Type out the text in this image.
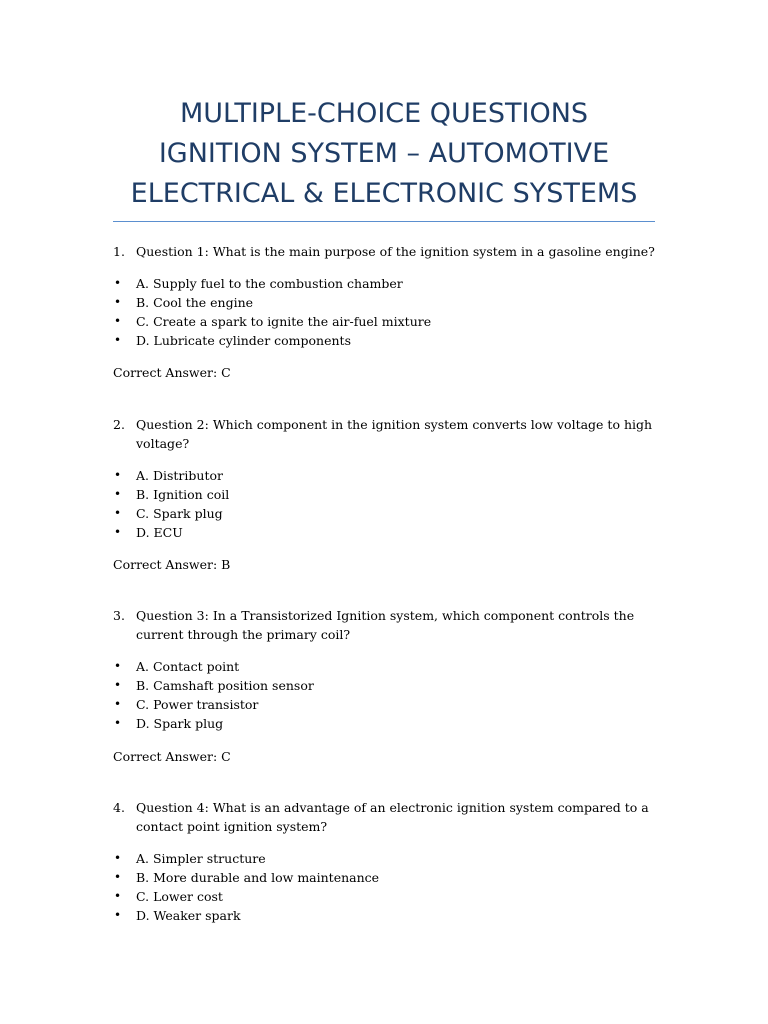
MULTIPLE-CHOICE QUESTIONS
IGNITION SYSTEM – AUTOMOTIVE
ELECTRICAL & ELECTRONIC SYSTEMS
1. Question 1: What is the main purpose of the ignition system in a gasoline engine?
• A. Supply fuel to the combustion chamber
• B. Cool the engine
• C. Create a spark to ignite the air-fuel mixture
• D. Lubricate cylinder components
Correct Answer: C
2. Question 2: Which component in the ignition system converts low voltage to high voltage?
• A. Distributor
• B. Ignition coil
• C. Spark plug
• D. ECU
Correct Answer: B
3. Question 3: In a Transistorized Ignition system, which component controls the current through the primary coil?
• A. Contact point
• B. Camshaft position sensor
• C. Power transistor
• D. Spark plug
Correct Answer: C
4. Question 4: What is an advantage of an electronic ignition system compared to a contact point ignition system?
• A. Simpler structure
• B. More durable and low maintenance
• C. Lower cost
• D. Weaker spark
